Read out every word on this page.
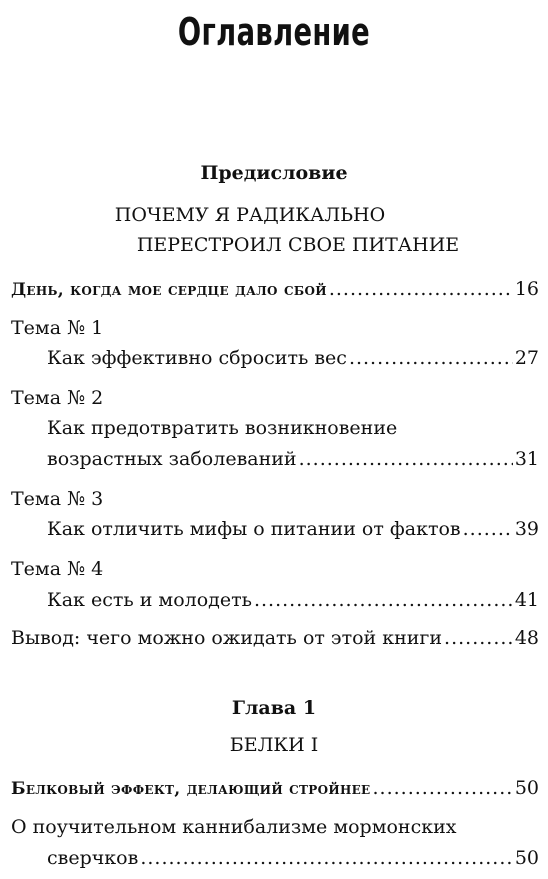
Оглавление
Предисловие
ПОЧЕМУ Я РАДИКАЛЬНО
ПЕРЕСТРОИЛ СВОЕ ПИТАНИЕ
День, когда мое сердце дало сбой .....	16
Тема № 1
Как эффективно сбросить вес .....	27
Тема № 2
Как предотвратить возникновение
возрастных заболеваний .....	31
Тема № 3
Как отличить мифы о питании от фактов .....	39
Тема № 4
Как есть и молодеть .....	41
Вывод: чего можно ожидать от этой книги .....	48
Глава 1
БЕЛКИ I
Белковый эффект, делающий стройнее .....	50
О поучительном каннибализме мормонских
сверчков .....	50
